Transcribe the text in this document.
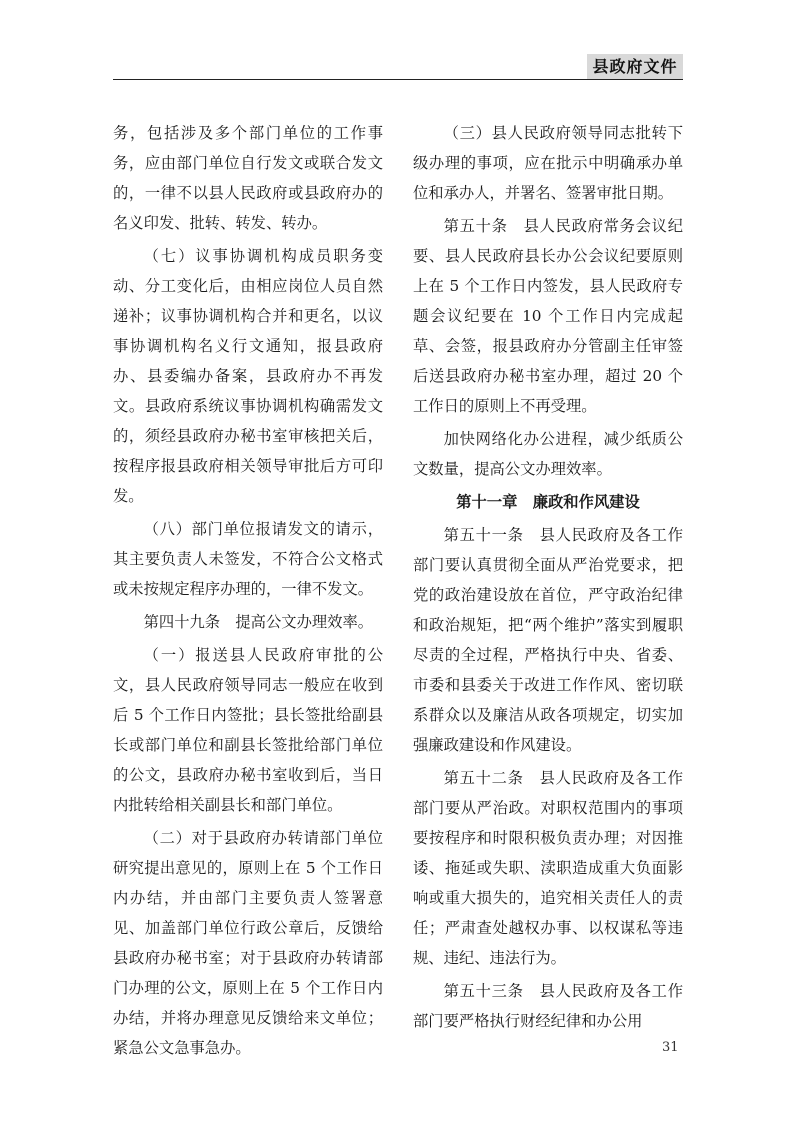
县政府文件

务，包括涉及多个部门单位的工作事务，应由部门单位自行发文或联合发文的，一律不以县人民政府或县政府办的名义印发、批转、转发、转办。

（七）议事协调机构成员职务变动、分工变化后，由相应岗位人员自然递补；议事协调机构合并和更名，以议事协调机构名义行文通知，报县政府办、县委编办备案，县政府办不再发文。县政府系统议事协调机构确需发文的，须经县政府办秘书室审核把关后，按程序报县政府相关领导审批后方可印发。

（八）部门单位报请发文的请示，其主要负责人未签发，不符合公文格式或未按规定程序办理的，一律不发文。

第四十九条　提高公文办理效率。

（一）报送县人民政府审批的公文，县人民政府领导同志一般应在收到后 5 个工作日内签批；县长签批给副县长或部门单位和副县长签批给部门单位的公文，县政府办秘书室收到后，当日内批转给相关副县长和部门单位。

（二）对于县政府办转请部门单位研究提出意见的，原则上在 5 个工作日内办结，并由部门主要负责人签署意见、加盖部门单位行政公章后，反馈给县政府办秘书室；对于县政府办转请部门办理的公文，原则上在 5 个工作日内办结，并将办理意见反馈给来文单位；紧急公文急事急办。

（三）县人民政府领导同志批转下级办理的事项，应在批示中明确承办单位和承办人，并署名、签署审批日期。

第五十条　县人民政府常务会议纪要、县人民政府县长办公会议纪要原则上在 5 个工作日内签发，县人民政府专题会议纪要在 10 个工作日内完成起草、会签，报县政府办分管副主任审签后送县政府办秘书室办理，超过 20 个工作日的原则上不再受理。

加快网络化办公进程，减少纸质公文数量，提高公文办理效率。

第十一章　廉政和作风建设

第五十一条　县人民政府及各工作部门要认真贯彻全面从严治党要求，把党的政治建设放在首位，严守政治纪律和政治规矩，把“两个维护”落实到履职尽责的全过程，严格执行中央、省委、市委和县委关于改进工作作风、密切联系群众以及廉洁从政各项规定，切实加强廉政建设和作风建设。

第五十二条　县人民政府及各工作部门要从严治政。对职权范围内的事项要按程序和时限积极负责办理；对因推诿、拖延或失职、渎职造成重大负面影响或重大损失的，追究相关责任人的责任；严肃查处越权办事、以权谋私等违规、违纪、违法行为。

第五十三条　县人民政府及各工作部门要严格执行财经纪律和办公用

31
